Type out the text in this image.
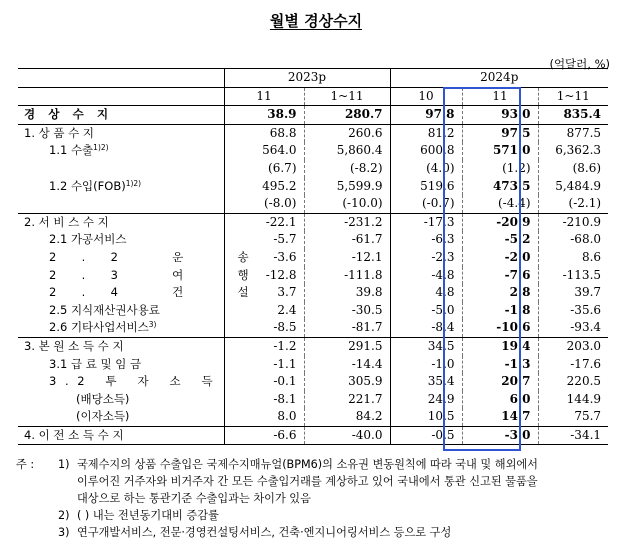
월별 경상수지
(억달러, %)
	2023p		2024p		
	11	1~11	10	11	1~11
경 상 수 지	38.9	280.7	97.8	93.0	835.4
1. 상 품 수 지	68.8	260.6	81.2	97.5	877.5
1.1 수출$^{1)2)}$	564.0	5,860.4	600.8	571.0	6,362.3
	(6.7)	(-8.2)	(4.0)	(1.2)	(8.6)
1.2 수입(FOB)$^{1)2)}$	495.2	5,599.9	519.6	473.5	5,484.9
	(-8.0)	(-10.0)	(-0.7)	(-4.4)	(-2.1)
2. 서 비 스 수 지	-22.1	-231.2	-17.3	-20.9	-210.9
2.1 가공서비스	-5.7	-61.7	-6.3	-5.2	-68.0
2.2 운 송	-3.6	-12.1	-2.3	-2.0	8.6
2.3 여 행	-12.8	-111.8	-4.8	-7.6	-113.5
2.4 건 설	3.7	39.8	4.8	2.8	39.7
2.5 지식재산권사용료	2.4	-30.5	-5.0	-1.8	-35.6
2.6 기타사업서비스$^{3)}$	-8.5	-81.7	-8.4	-10.6	-93.4
3. 본 원 소 득 수 지	-1.2	291.5	34.5	19.4	203.0
3.1 급 료 및 임 금	-1.1	-14.4	-1.0	-1.3	-17.6
3.2 투 자 소 득	-0.1	305.9	35.4	20.7	220.5
(배당소득)	-8.1	221.7	24.9	6.0	144.9
(이자소득)	8.0	84.2	10.5	14.7	75.7
4. 이 전 소 득 수 지	-6.6	-40.0	-0.5	-3.0	-34.1
주 :	1) 국제수지의 상품 수출입은 국제수지매뉴얼(BPM6)의 소유권 변동원칙에 따라 국내 및 해외에서
이루어진 거주자와 비거주자 간 모든 수출입거래를 계상하고 있어 국내에서 통관 신고된 물품을
대상으로 하는 통관기준 수출입과는 차이가 있음
2) ( ) 내는 전년동기대비 증감률
3) 연구개발서비스, 전문·경영컨설팅서비스, 건축·엔지니어링서비스 등으로 구성
